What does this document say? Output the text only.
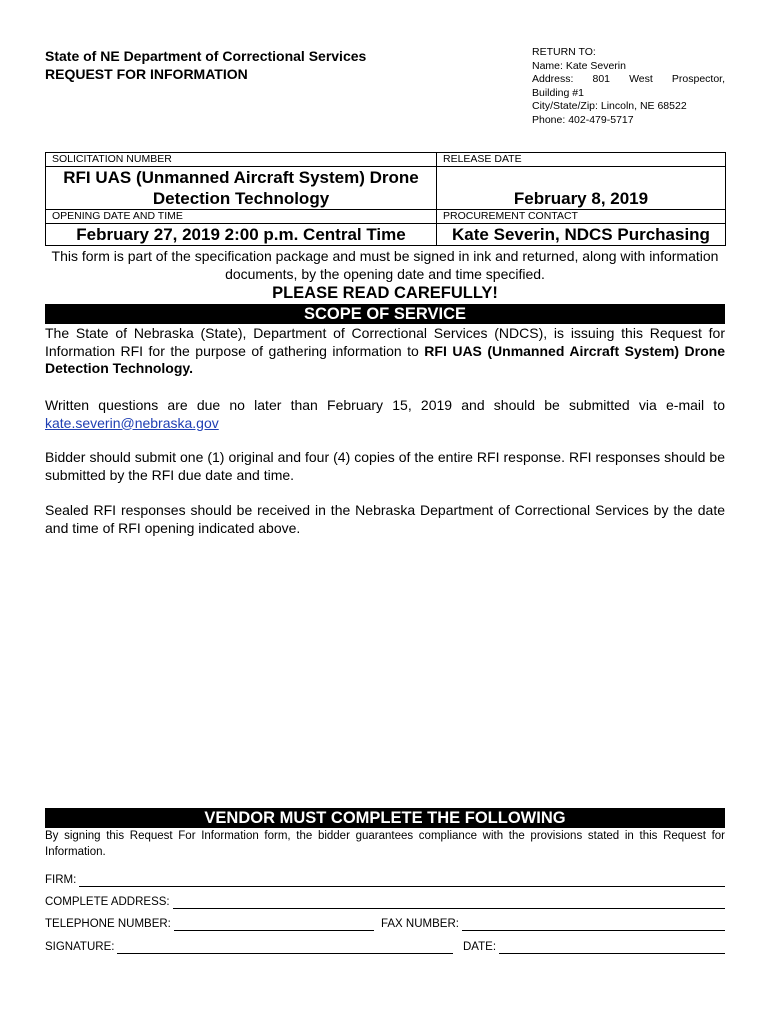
State of NE Department of Correctional Services
REQUEST FOR INFORMATION
RETURN TO:
Name: Kate Severin
Address: 801 West Prospector,
Building #1
City/State/Zip: Lincoln, NE 68522
Phone: 402-479-5717
SOLICITATION NUMBER	RELEASE DATE
RFI UAS (Unmanned Aircraft System) Drone Detection Technology	February 8, 2019
OPENING DATE AND TIME	PROCUREMENT CONTACT
February 27, 2019 2:00 p.m. Central Time	Kate Severin, NDCS Purchasing
This form is part of the specification package and must be signed in ink and returned, along with information documents, by the opening date and time specified.
PLEASE READ CAREFULLY!
SCOPE OF SERVICE
The State of Nebraska (State), Department of Correctional Services (NDCS), is issuing this Request for Information RFI for the purpose of gathering information to RFI UAS (Unmanned Aircraft System) Drone Detection Technology.
Written questions are due no later than February 15, 2019 and should be submitted via e-mail to kate.severin@nebraska.gov
Bidder should submit one (1) original and four (4) copies of the entire RFI response. RFI responses should be submitted by the RFI due date and time.
Sealed RFI responses should be received in the Nebraska Department of Correctional Services by the date and time of RFI opening indicated above.
VENDOR MUST COMPLETE THE FOLLOWING
By signing this Request For Information form, the bidder guarantees compliance with the provisions stated in this Request for Information.
FIRM:
COMPLETE ADDRESS:
TELEPHONE NUMBER:	FAX NUMBER:
SIGNATURE:	DATE:
